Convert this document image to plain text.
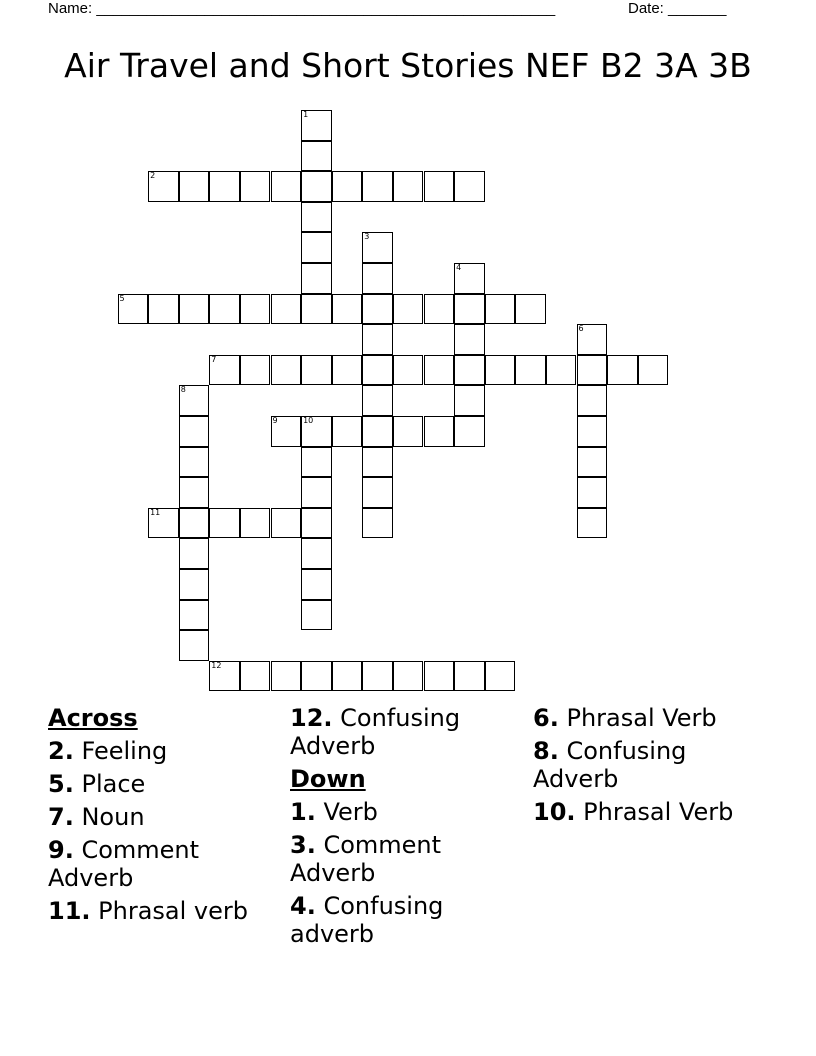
Name: _______________________________________________________	Date: _______
Air Travel and Short Stories NEF B2 3A 3B
1
2
3
4
5
6
7
8
9	10
11
12
Across
2. Feeling
5. Place
7. Noun
9. Comment Adverb
11. Phrasal verb
12. Confusing Adverb
Down
1. Verb
3. Comment Adverb
4. Confusing adverb
6. Phrasal Verb
8. Confusing Adverb
10. Phrasal Verb
